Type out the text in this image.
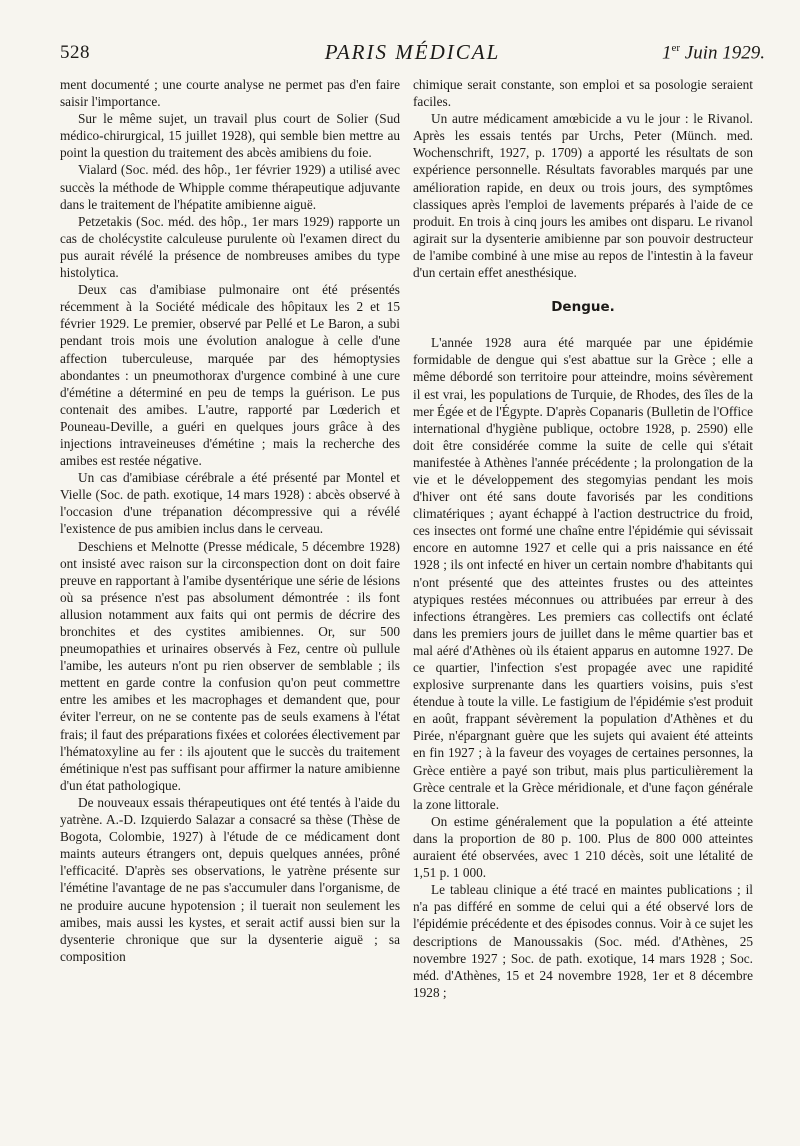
528	PARIS MÉDICAL	1er Juin 1929.

ment documenté ; une courte analyse ne permet pas d'en faire saisir l'importance.

Sur le même sujet, un travail plus court de Solier (Sud médico-chirurgical, 15 juillet 1928), qui semble bien mettre au point la question du traitement des abcès amibiens du foie.

Vialard (Soc. méd. des hôp., 1er février 1929) a utilisé avec succès la méthode de Whipple comme thérapeutique adjuvante dans le traitement de l'hépatite amibienne aiguë.

Petzetakis (Soc. méd. des hôp., 1er mars 1929) rapporte un cas de cholécystite calculeuse purulente où l'examen direct du pus aurait révélé la présence de nombreuses amibes du type histolytica.

Deux cas d'amibiase pulmonaire ont été présentés récemment à la Société médicale des hôpitaux les 2 et 15 février 1929. Le premier, observé par Pellé et Le Baron, a subi pendant trois mois une évolution analogue à celle d'une affection tuberculeuse, marquée par des hémoptysies abondantes : un pneumothorax d'urgence combiné à une cure d'émétine a déterminé en peu de temps la guérison. Le pus contenait des amibes. L'autre, rapporté par Lœderich et Pouneau-Deville, a guéri en quelques jours grâce à des injections intraveineuses d'émétine ; mais la recherche des amibes est restée négative.

Un cas d'amibiase cérébrale a été présenté par Montel et Vielle (Soc. de path. exotique, 14 mars 1928) : abcès observé à l'occasion d'une trépanation décompressive qui a révélé l'existence de pus amibien inclus dans le cerveau.

Deschiens et Melnotte (Presse médicale, 5 décembre 1928) ont insisté avec raison sur la circonspection dont on doit faire preuve en rapportant à l'amibe dysentérique une série de lésions où sa présence n'est pas absolument démontrée : ils font allusion notamment aux faits qui ont permis de décrire des bronchites et des cystites amibiennes. Or, sur 500 pneumopathies et urinaires observés à Fez, centre où pullule l'amibe, les auteurs n'ont pu rien observer de semblable ; ils mettent en garde contre la confusion qu'on peut commettre entre les amibes et les macrophages et demandent que, pour éviter l'erreur, on ne se contente pas de seuls examens à l'état frais; il faut des préparations fixées et colorées électivement par l'hématoxyline au fer : ils ajoutent que le succès du traitement émétinique n'est pas suffisant pour affirmer la nature amibienne d'un état pathologique.

De nouveaux essais thérapeutiques ont été tentés à l'aide du yatrène. A.-D. Izquierdo Salazar a consacré sa thèse (Thèse de Bogota, Colombie, 1927) à l'étude de ce médicament dont maints auteurs étrangers ont, depuis quelques années, prôné l'efficacité. D'après ses observations, le yatrène présente sur l'émétine l'avantage de ne pas s'accumuler dans l'organisme, de ne produire aucune hypotension ; il tuerait non seulement les amibes, mais aussi les kystes, et serait actif aussi bien sur la dysenterie chronique que sur la dysenterie aiguë ; sa composition

chimique serait constante, son emploi et sa posologie seraient faciles.

Un autre médicament amœbicide a vu le jour : le Rivanol. Après les essais tentés par Urchs, Peter (Münch. med. Wochenschrift, 1927, p. 1709) a apporté les résultats de son expérience personnelle. Résultats favorables marqués par une amélioration rapide, en deux ou trois jours, des symptômes classiques après l'emploi de lavements préparés à l'aide de ce produit. En trois à cinq jours les amibes ont disparu. Le rivanol agirait sur la dysenterie amibienne par son pouvoir destructeur de l'amibe combiné à une mise au repos de l'intestin à la faveur d'un certain effet anesthésique.

Dengue.

L'année 1928 aura été marquée par une épidémie formidable de dengue qui s'est abattue sur la Grèce ; elle a même débordé son territoire pour atteindre, moins sévèrement il est vrai, les populations de Turquie, de Rhodes, des îles de la mer Égée et de l'Égypte. D'après Copanaris (Bulletin de l'Office international d'hygiène publique, octobre 1928, p. 2590) elle doit être considérée comme la suite de celle qui s'était manifestée à Athènes l'année précédente ; la prolongation de la vie et le développement des stegomyias pendant les mois d'hiver ont été sans doute favorisés par les conditions climatériques ; ayant échappé à l'action destructrice du froid, ces insectes ont formé une chaîne entre l'épidémie qui sévissait encore en automne 1927 et celle qui a pris naissance en été 1928 ; ils ont infecté en hiver un certain nombre d'habitants qui n'ont présenté que des atteintes frustes ou des atteintes atypiques restées méconnues ou attribuées par erreur à des infections étrangères. Les premiers cas collectifs ont éclaté dans les premiers jours de juillet dans le même quartier bas et mal aéré d'Athènes où ils étaient apparus en automne 1927. De ce quartier, l'infection s'est propagée avec une rapidité explosive surprenante dans les quartiers voisins, puis s'est étendue à toute la ville. Le fastigium de l'épidémie s'est produit en août, frappant sévèrement la population d'Athènes et du Pirée, n'épargnant guère que les sujets qui avaient été atteints en fin 1927 ; à la faveur des voyages de certaines personnes, la Grèce entière a payé son tribut, mais plus particulièrement la Grèce centrale et la Grèce méridionale, et d'une façon générale la zone littorale.

On estime généralement que la population a été atteinte dans la proportion de 80 p. 100. Plus de 800 000 atteintes auraient été observées, avec 1 210 décès, soit une létalité de 1,51 p. 1 000.

Le tableau clinique a été tracé en maintes publications ; il n'a pas différé en somme de celui qui a été observé lors de l'épidémie précédente et des épisodes connus. Voir à ce sujet les descriptions de Manoussakis (Soc. méd. d'Athènes, 25 novembre 1927 ; Soc. de path. exotique, 14 mars 1928 ; Soc. méd. d'Athènes, 15 et 24 novembre 1928, 1er et 8 décembre 1928 ;
